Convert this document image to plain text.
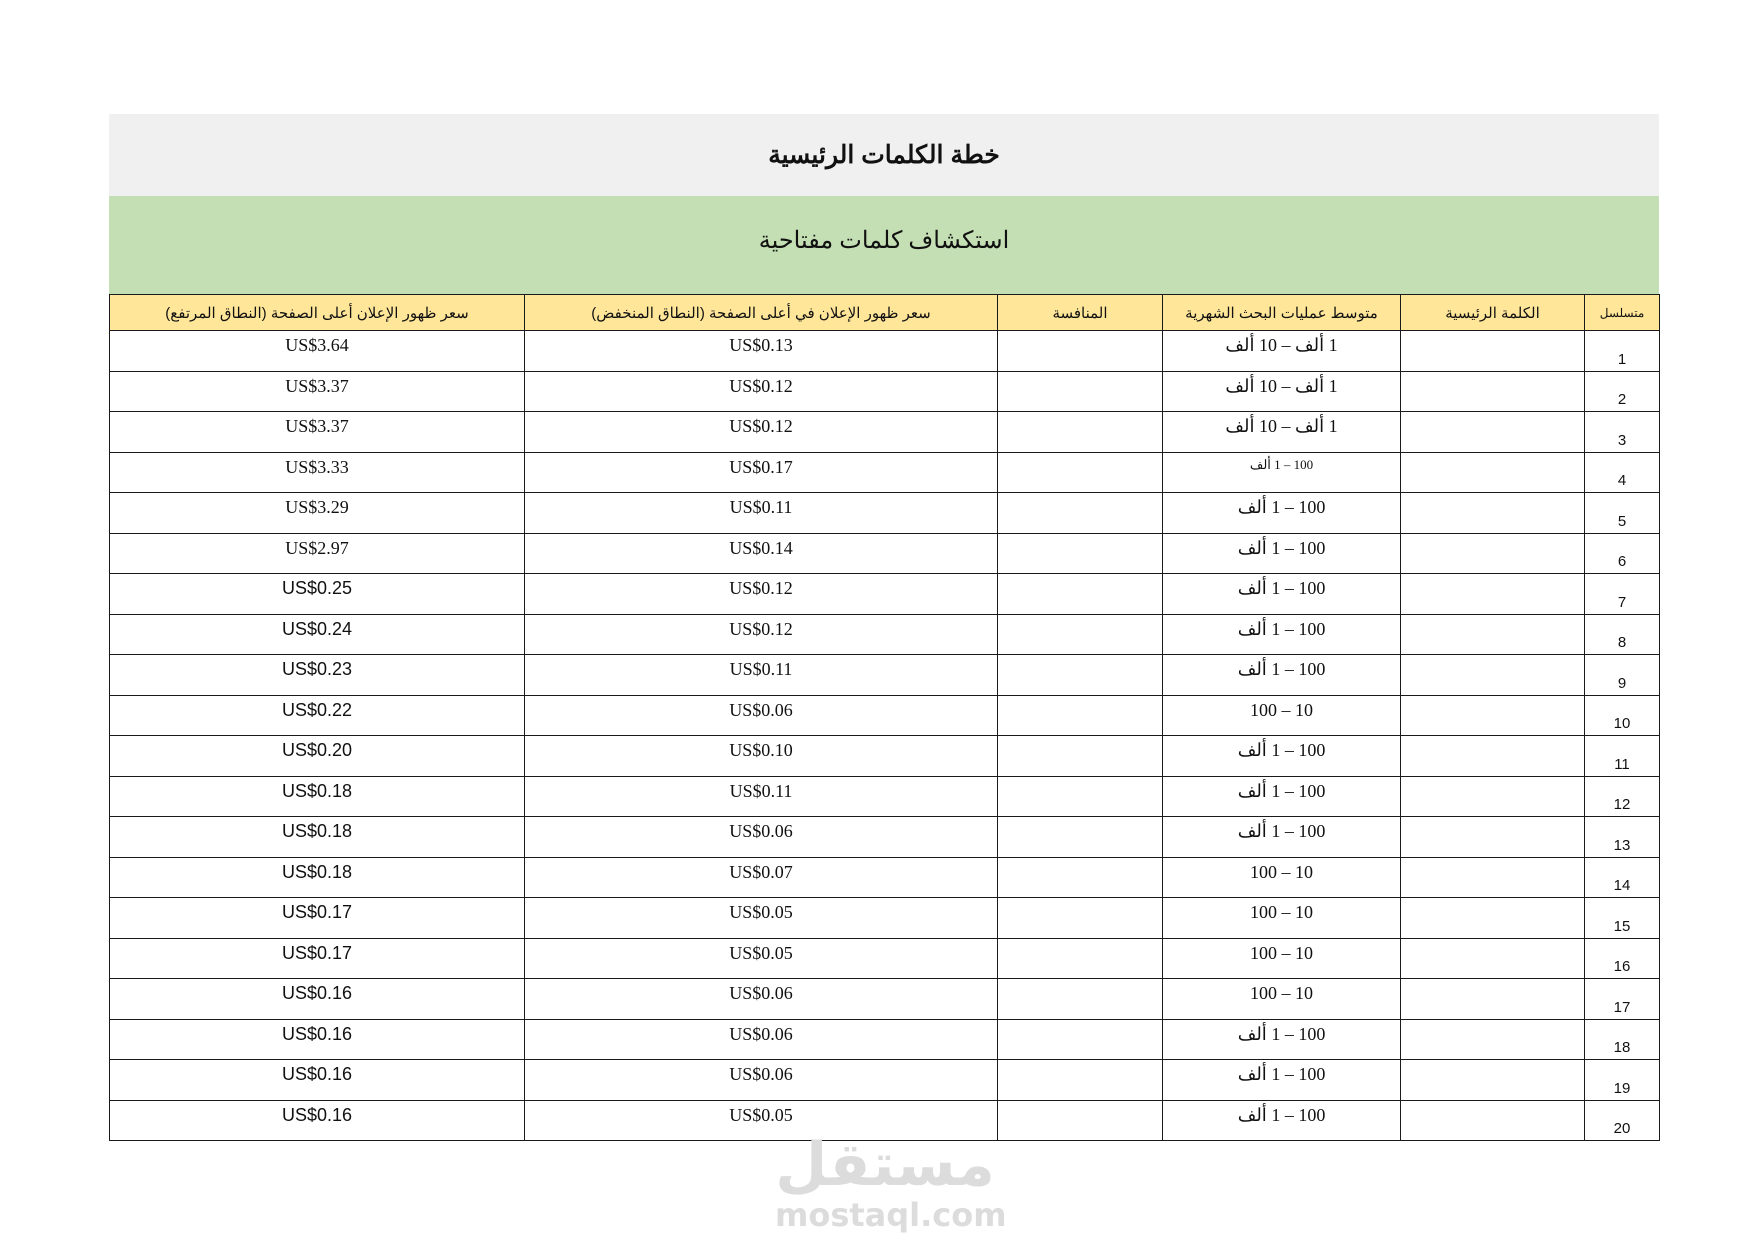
خطة الكلمات الرئيسية
استكشاف كلمات مفتاحية
سعر ظهور الإعلان أعلى الصفحة (النطاق المرتفع)	سعر ظهور الإعلان في أعلى الصفحة (النطاق المنخفض)	المنافسة	متوسط عمليات البحث الشهرية	الكلمة الرئيسية	متسلسل
US$3.64	US$0.13		1 ألف – 10 ألف		1
US$3.37	US$0.12		1 ألف – 10 ألف		2
US$3.37	US$0.12		1 ألف – 10 ألف		3
US$3.33	US$0.17		100 – 1 ألف		4
US$3.29	US$0.11		100 – 1 ألف		5
US$2.97	US$0.14		100 – 1 ألف		6
US$0.25	US$0.12		100 – 1 ألف		7
US$0.24	US$0.12		100 – 1 ألف		8
US$0.23	US$0.11		100 – 1 ألف		9
US$0.22	US$0.06		10 – 100		10
US$0.20	US$0.10		100 – 1 ألف		11
US$0.18	US$0.11		100 – 1 ألف		12
US$0.18	US$0.06		100 – 1 ألف		13
US$0.18	US$0.07		10 – 100		14
US$0.17	US$0.05		10 – 100		15
US$0.17	US$0.05		10 – 100		16
US$0.16	US$0.06		10 – 100		17
US$0.16	US$0.06		100 – 1 ألف		18
US$0.16	US$0.06		100 – 1 ألف		19
US$0.16	US$0.05		100 – 1 ألف		20
مستقل
mostaql.com
